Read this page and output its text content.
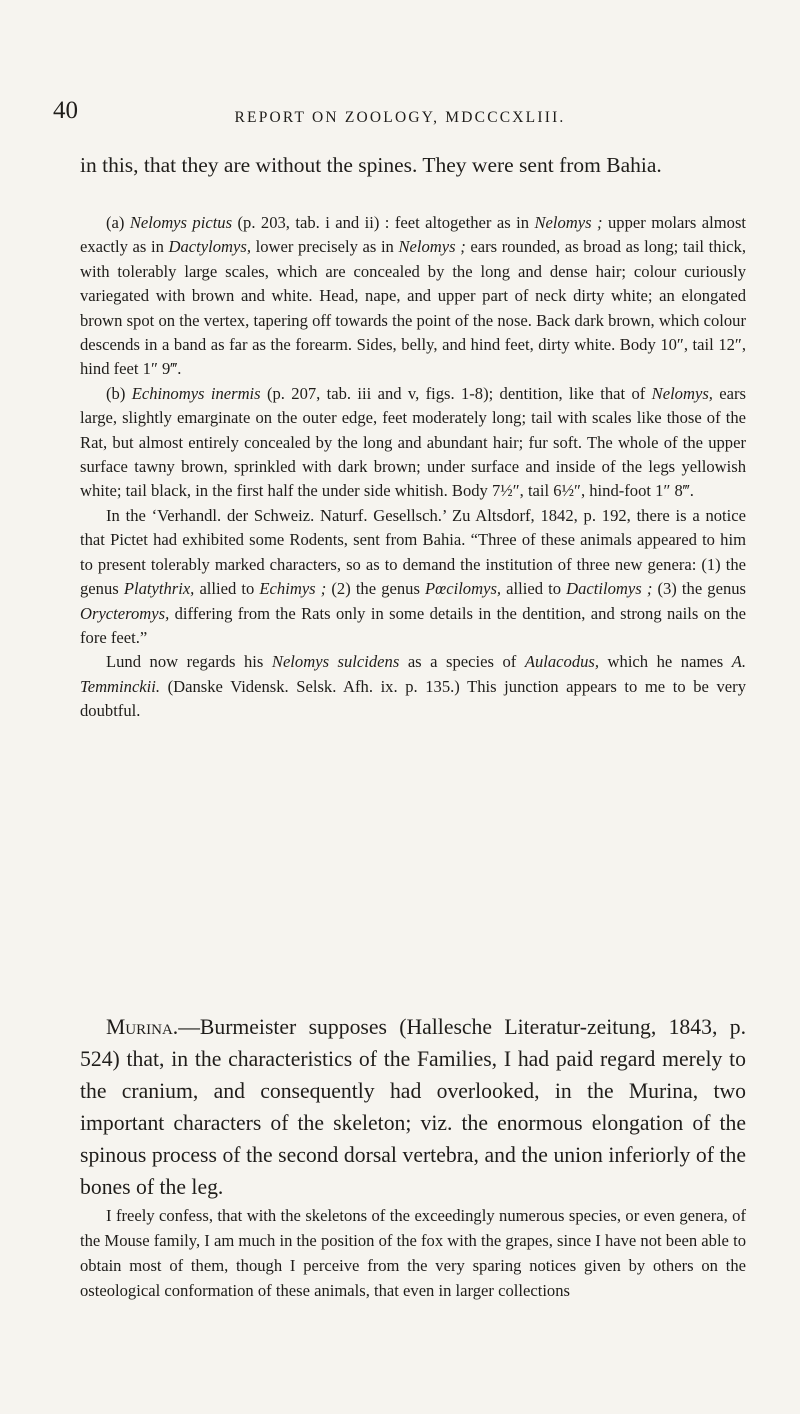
40	REPORT ON ZOOLOGY, MDCCCXLIII.

in this, that they are without the spines. They were sent from Bahia.

(a) Nelomys pictus (p. 203, tab. i and ii) : feet altogether as in Nelomys ; upper molars almost exactly as in Dactylomys, lower precisely as in Nelomys ; ears rounded, as broad as long; tail thick, with tolerably large scales, which are concealed by the long and dense hair; colour curiously variegated with brown and white. Head, nape, and upper part of neck dirty white; an elongated brown spot on the vertex, tapering off towards the point of the nose. Back dark brown, which colour descends in a band as far as the forearm. Sides, belly, and hind feet, dirty white. Body 10″, tail 12″, hind feet 1″ 9‴.

(b) Echinomys inermis (p. 207, tab. iii and v, figs. 1-8); dentition, like that of Nelomys, ears large, slightly emarginate on the outer edge, feet moderately long; tail with scales like those of the Rat, but almost entirely concealed by the long and abundant hair; fur soft. The whole of the upper surface tawny brown, sprinkled with dark brown; under surface and inside of the legs yellowish white; tail black, in the first half the under side whitish. Body 7½″, tail 6½″, hind-foot 1″ 8‴.

In the ‘Verhandl. der Schweiz. Naturf. Gesellsch.’ Zu Altsdorf, 1842, p. 192, there is a notice that Pictet had exhibited some Rodents, sent from Bahia. “Three of these animals appeared to him to present tolerably marked characters, so as to demand the institution of three new genera: (1) the genus Platythrix, allied to Echimys ; (2) the genus Pœcilomys, allied to Dactilomys ; (3) the genus Orycteromys, differing from the Rats only in some details in the dentition, and strong nails on the fore feet.”

Lund now regards his Nelomys sulcidens as a species of Aulacodus, which he names A. Temminckii. (Danske Vidensk. Selsk. Afh. ix. p. 135.) This junction appears to me to be very doubtful.

Murina.—Burmeister supposes (Hallesche Literatur-zeitung, 1843, p. 524) that, in the characteristics of the Families, I had paid regard merely to the cranium, and consequently had overlooked, in the Murina, two important characters of the skeleton; viz. the enormous elongation of the spinous process of the second dorsal vertebra, and the union inferiorly of the bones of the leg.

I freely confess, that with the skeletons of the exceedingly numerous species, or even genera, of the Mouse family, I am much in the position of the fox with the grapes, since I have not been able to obtain most of them, though I perceive from the very sparing notices given by others on the osteological conformation of these animals, that even in larger collections
